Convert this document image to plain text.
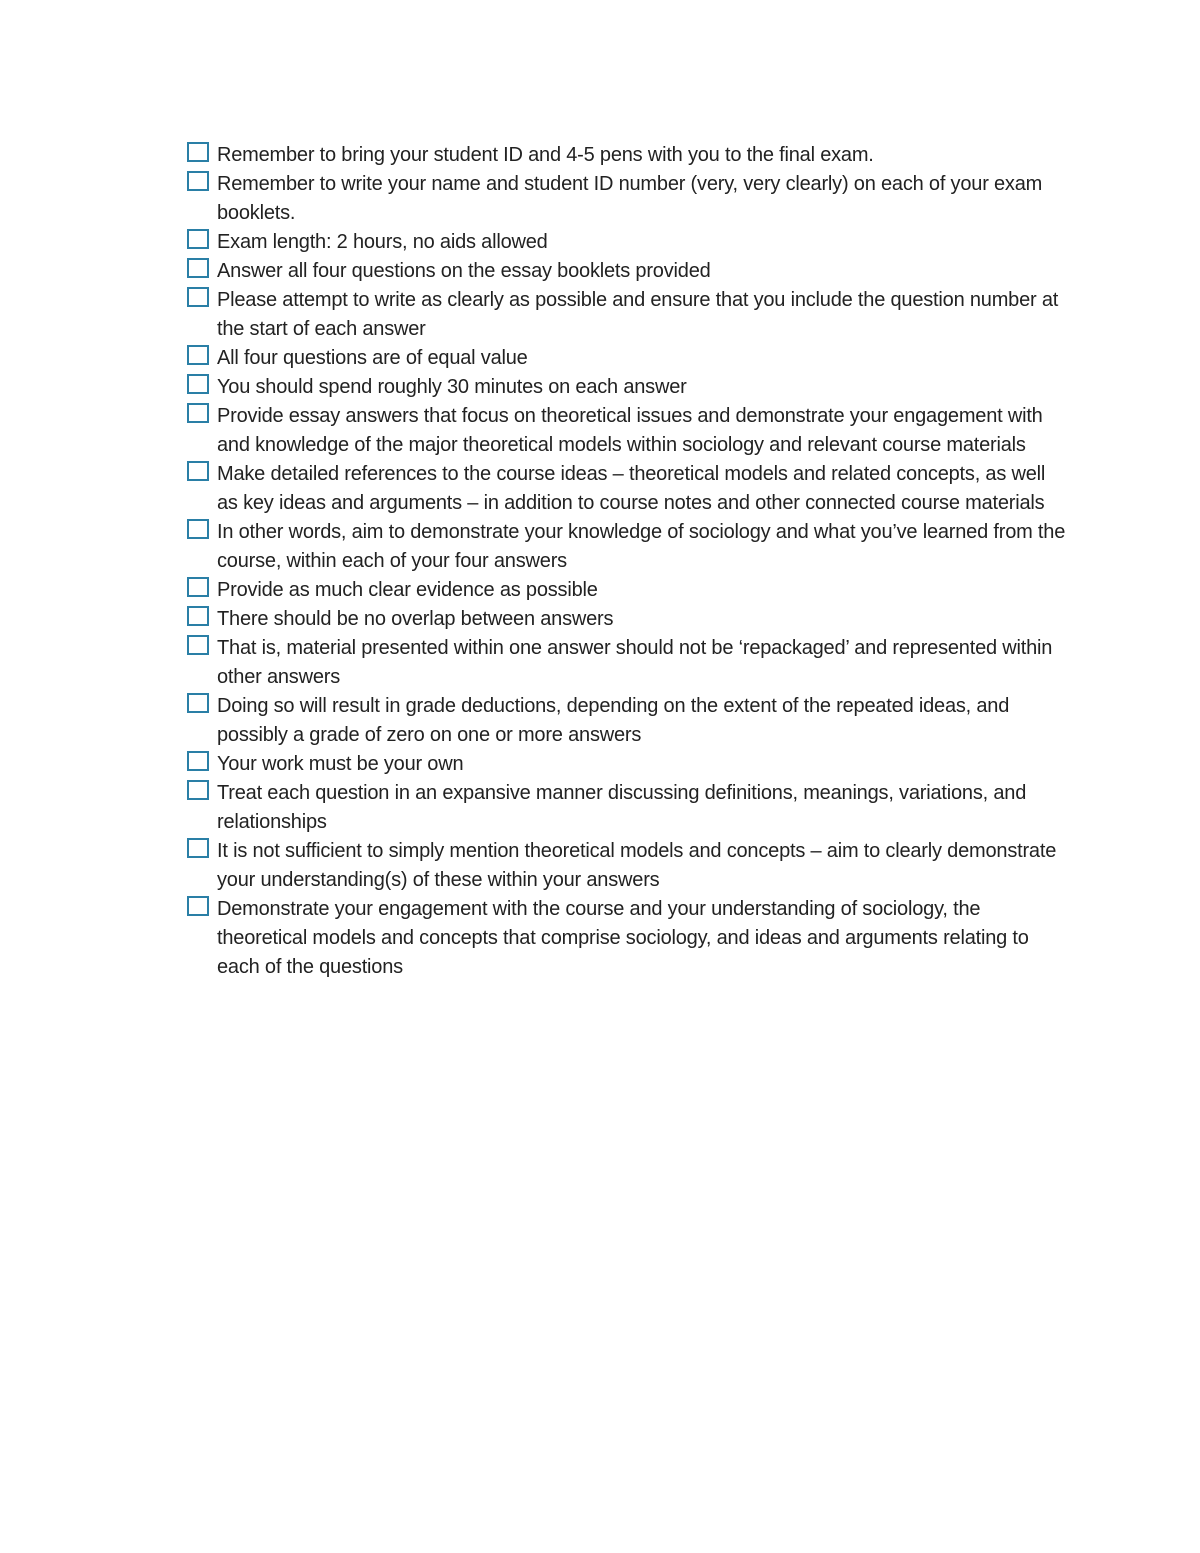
Remember to bring your student ID and 4-5 pens with you to the final exam.
Remember to write your name and student ID number (very, very clearly) on each of your exam booklets.
Exam length: 2 hours, no aids allowed
Answer all four questions on the essay booklets provided
Please attempt to write as clearly as possible and ensure that you include the question number at the start of each answer
All four questions are of equal value
You should spend roughly 30 minutes on each answer
Provide essay answers that focus on theoretical issues and demonstrate your engagement with and knowledge of the major theoretical models within sociology and relevant course materials
Make detailed references to the course ideas – theoretical models and related concepts, as well as key ideas and arguments – in addition to course notes and other connected course materials
In other words, aim to demonstrate your knowledge of sociology and what you’ve learned from the course, within each of your four answers
Provide as much clear evidence as possible
There should be no overlap between answers
That is, material presented within one answer should not be ‘repackaged’ and represented within other answers
Doing so will result in grade deductions, depending on the extent of the repeated ideas, and possibly a grade of zero on one or more answers
Your work must be your own
Treat each question in an expansive manner discussing definitions, meanings, variations, and relationships
It is not sufficient to simply mention theoretical models and concepts – aim to clearly demonstrate your understanding(s) of these within your answers
Demonstrate your engagement with the course and your understanding of sociology, the theoretical models and concepts that comprise sociology, and ideas and arguments relating to each of the questions
